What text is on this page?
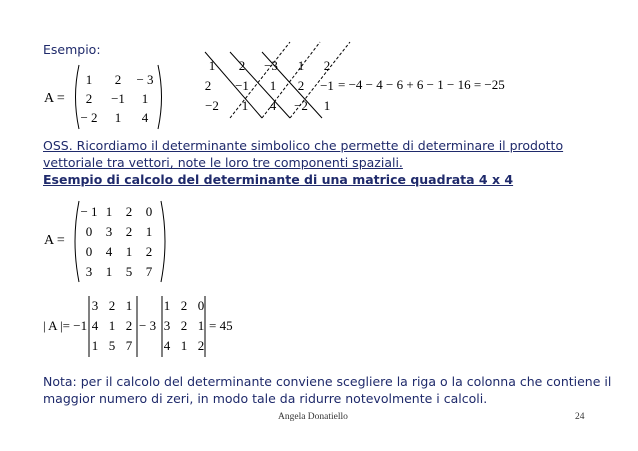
Esempio:
A =
1	2	− 3
2	−1	1
− 2	1	4
1	2	−3	1	2
2	−1	1	2	−1 = −4 − 4 − 6 + 6 − 1 − 16 = −25
−2	1	4	−2	1
OSS. Ricordiamo il determinante simbolico che permette di determinare il prodotto
vettoriale tra vettori, note le loro tre componenti spaziali.
Esempio di calcolo del determinante di una matrice quadrata 4 x 4
A =
− 1 1	2	0
0	3	2	1
0	4	1	2
3	1	5	7
| A |= −1
3 2 1
4 1 2
1 5 7
− 3
1 2 0
3 2 1
4 1 2
= 45
Nota: per il calcolo del determinante conviene scegliere la riga o la colonna che contiene il
maggior numero di zeri, in modo tale da ridurre notevolmente i calcoli.
Angela Donatiello	24
